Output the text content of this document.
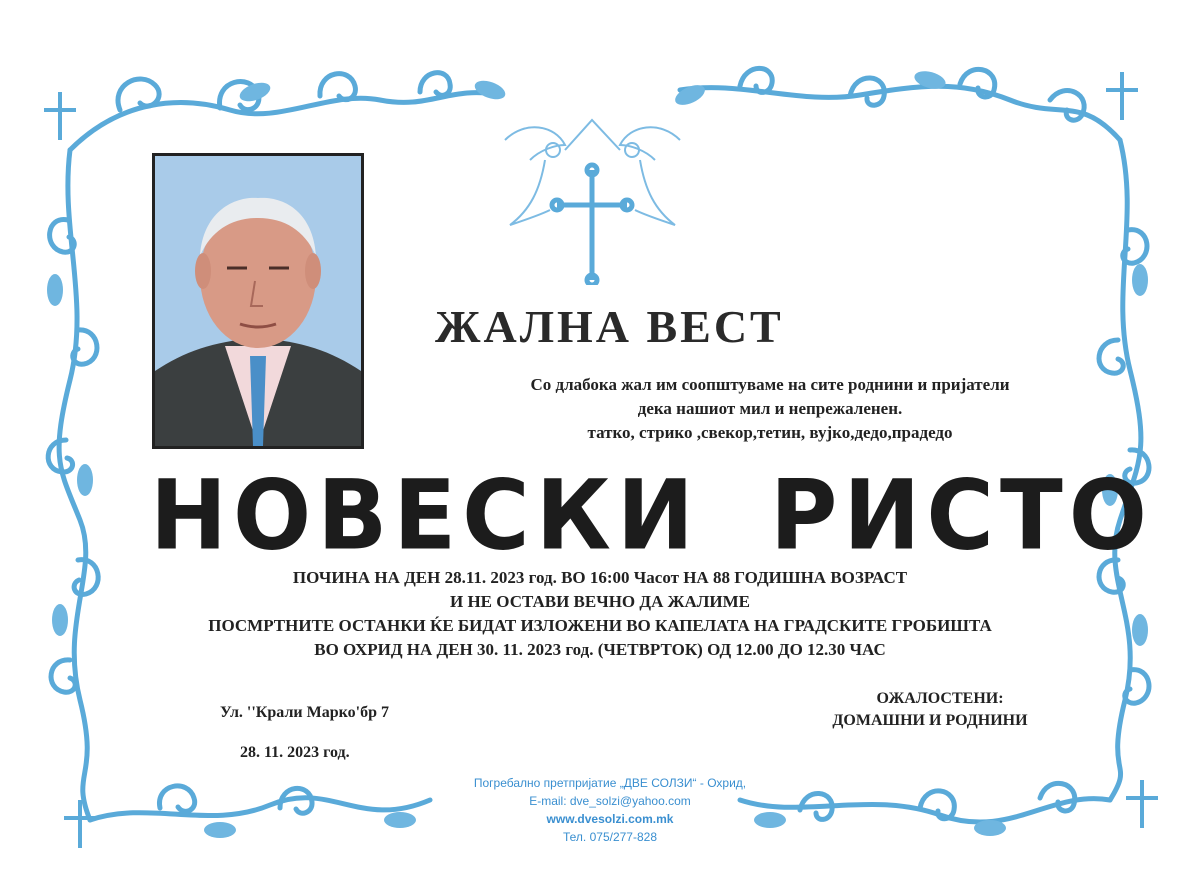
ЖАЛНА ВЕСТ
Со длабока жал им соопштуваме на сите роднини и пријатели
дека нашиот мил и непрежаленен.
татко, стрико ,свекор,тетин, вујко,дедо,прадедо
НОВЕСКИ РИСТО
ПОЧИНА НА ДЕН 28.11. 2023 год. ВО 16:00 Часот НА 88 ГОДИШНА ВОЗРАСТ
И НЕ ОСТАВИ ВЕЧНО ДА ЖАЛИМЕ
ПОСМРТНИТЕ ОСТАНКИ ЌЕ БИДАТ ИЗЛОЖЕНИ ВО КАПЕЛАТА НА ГРАДСКИТЕ ГРОБИШТА
ВО ОХРИД НА ДЕН 30. 11. 2023 год. (ЧЕТВРТОК) ОД 12.00 ДО 12.30 ЧАС
Ул. ''Крали Марко'бр 7
28. 11. 2023 год.
ОЖАЛОСТЕНИ:
ДОМАШНИ И РОДНИНИ
Погребално претпријатие „ДВЕ СОЛЗИ“ - Охрид,
E-mail: dve_solzi@yahoo.com
www.dvesolzi.com.mk
Тел. 075/277-828
